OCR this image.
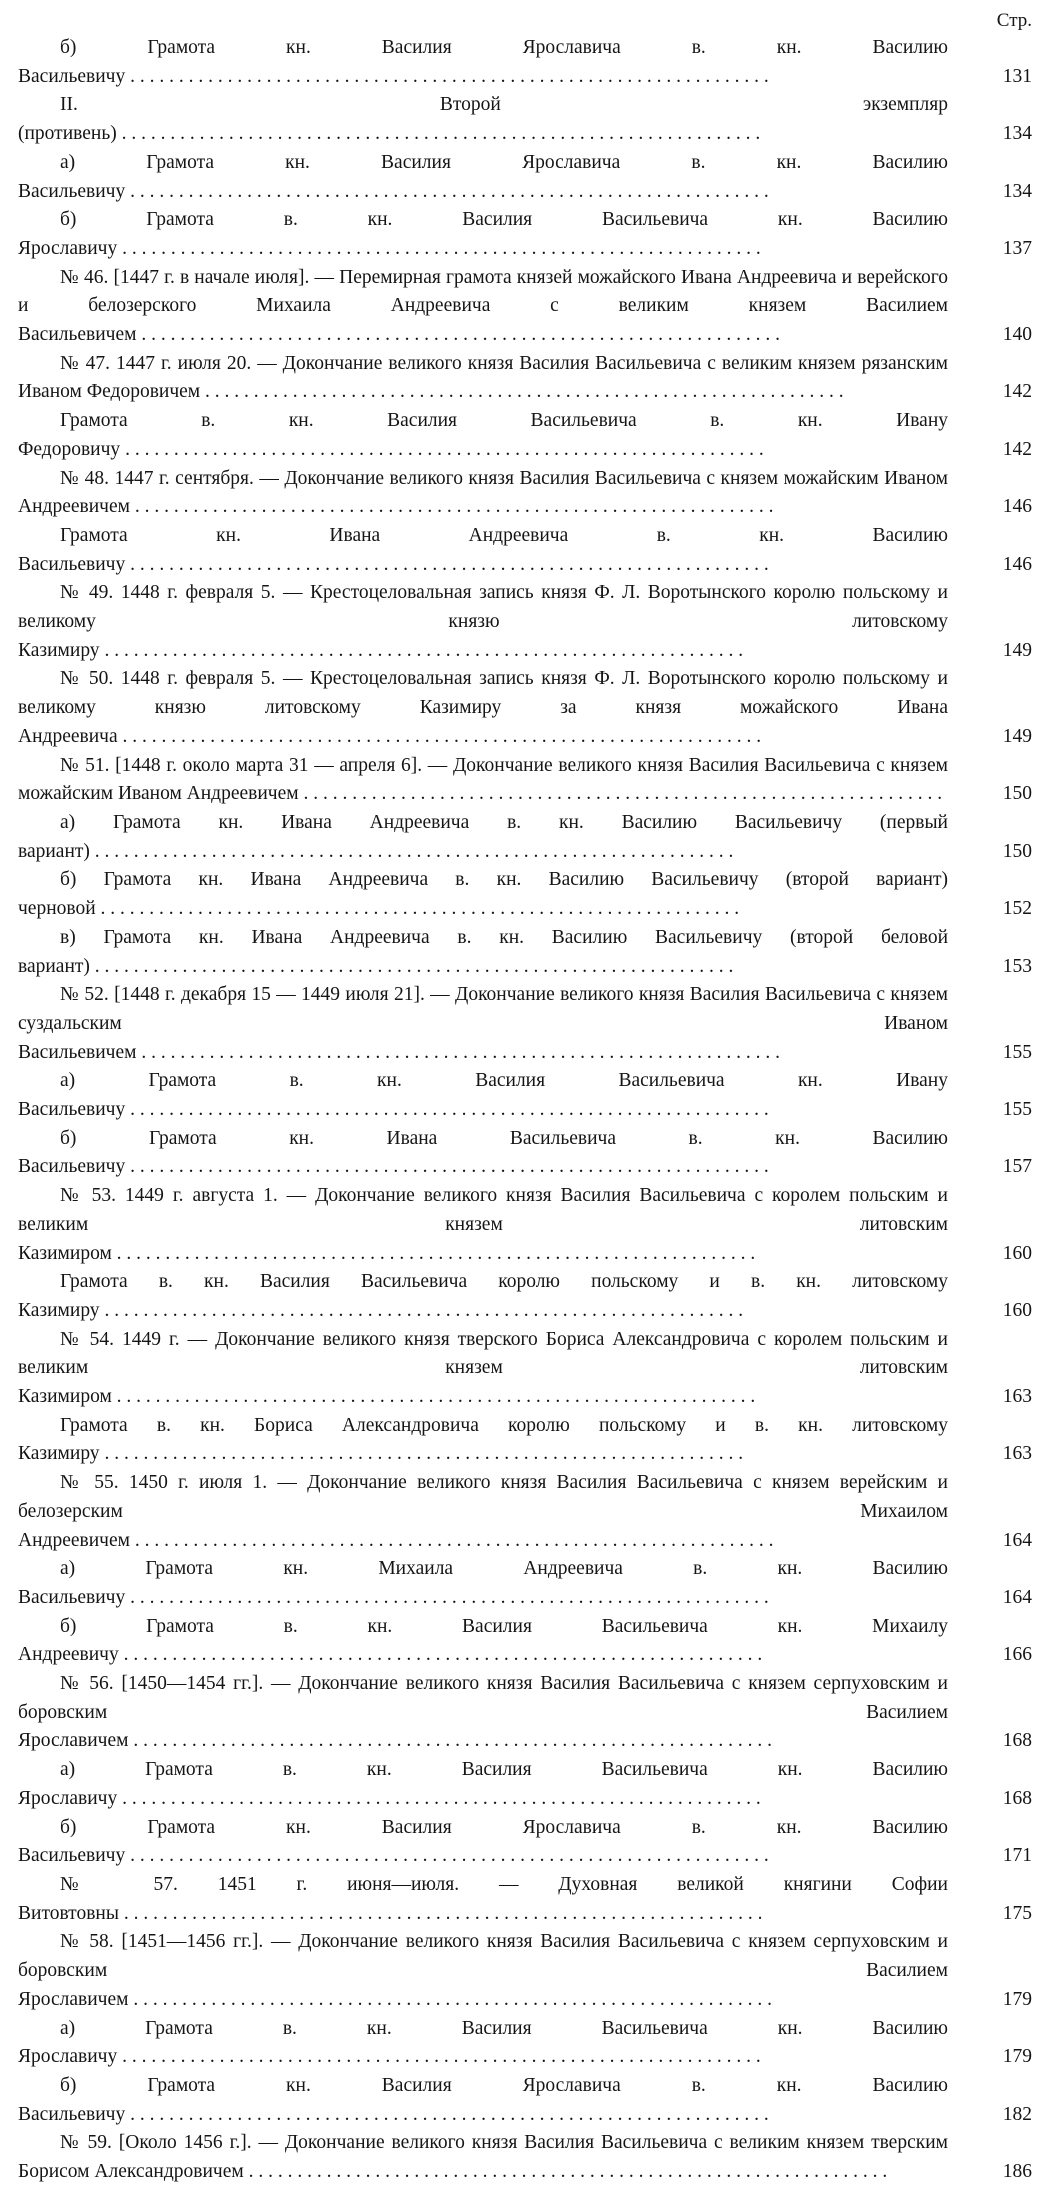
Стр.
б) Грамота кн. Василия Ярославича в. кн. Василию Васильевичу . . .	131
II. Второй экземпляр (противень) . . .	134
а) Грамота кн. Василия Ярославича в. кн. Василию Васильевичу . . .	134
б) Грамота в. кн. Василия Васильевича кн. Василию Ярославичу . . .	137
№ 46. [1447 г. в начале июля]. — Перемирная грамота князей можайского Ивана Андреевича и верейского и белозерского Михаила Андреевича с великим князем Василием Васильевичем . . .	140
№ 47. 1447 г. июля 20. — Докончание великого князя Василия Васильевича с великим князем рязанским Иваном Федоровичем . . .	142
Грамота в. кн. Василия Васильевича в. кн. Ивану Федоровичу . . .	142
№ 48. 1447 г. сентября. — Докончание великого князя Василия Васильевича с князем можайским Иваном Андреевичем . . .	146
Грамота кн. Ивана Андреевича в. кн. Василию Васильевичу . . .	146
№ 49. 1448 г. февраля 5. — Крестоцеловальная запись князя Ф. Л. Воротынского королю польскому и великому князю литовскому Казимиру . . .	149
№ 50. 1448 г. февраля 5. — Крестоцеловальная запись князя Ф. Л. Воротынского королю польскому и великому князю литовскому Казимиру за князя можайского Ивана Андреевича . . .	149
№ 51. [1448 г. около марта 31 — апреля 6]. — Докончание великого князя Василия Васильевича с князем можайским Иваном Андреевичем . . .	150
а) Грамота кн. Ивана Андреевича в. кн. Василию Васильевичу (первый вариант) . . .	150
б) Грамота кн. Ивана Андреевича в. кн. Василию Васильевичу (второй вариант) черновой . . .	152
в) Грамота кн. Ивана Андреевича в. кн. Василию Васильевичу (второй беловой вариант) . . .	153
№ 52. [1448 г. декабря 15 — 1449 июля 21]. — Докончание великого князя Василия Васильевича с князем суздальским Иваном Васильевичем . . .	155
а) Грамота в. кн. Василия Васильевича кн. Ивану Васильевичу . . .	155
б) Грамота кн. Ивана Васильевича в. кн. Василию Васильевичу . . .	157
№ 53. 1449 г. августа 1. — Докончание великого князя Василия Васильевича с королем польским и великим князем литовским Казимиром . . .	160
Грамота в. кн. Василия Васильевича королю польскому и в. кн. литовскому Казимиру . . .	160
№ 54. 1449 г. — Докончание великого князя тверского Бориса Александровича с королем польским и великим князем литовским Казимиром . . .	163
Грамота в. кн. Бориса Александровича королю польскому и в. кн. литовскому Казимиру . . .	163
№ 55. 1450 г. июля 1. — Докончание великого князя Василия Васильевича с князем верейским и белозерским Михаилом Андреевичем . . .	164
а) Грамота кн. Михаила Андреевича в. кн. Василию Васильевичу . . .	164
б) Грамота в. кн. Василия Васильевича кн. Михаилу Андреевичу . . .	166
№ 56. [1450—1454 гг.]. — Докончание великого князя Василия Васильевича с князем серпуховским и боровским Василием Ярославичем . . .	168
а) Грамота в. кн. Василия Васильевича кн. Василию Ярославичу . . .	168
б) Грамота кн. Василия Ярославича в. кн. Василию Васильевичу . . .	171
№ 57. 1451 г. июня—июля. — Духовная великой княгини Софии Витовтовны . . .	175
№ 58. [1451—1456 гг.]. — Докончание великого князя Василия Васильевича с князем серпуховским и боровским Василием Ярославичем . . .	179
а) Грамота в. кн. Василия Васильевича кн. Василию Ярославичу . . .	179
б) Грамота кн. Василия Ярославича в. кн. Василию Васильевичу . . .	182
№ 59. [Около 1456 г.]. — Докончание великого князя Василия Васильевича с великим князем тверским Борисом Александровичем . . .	186
